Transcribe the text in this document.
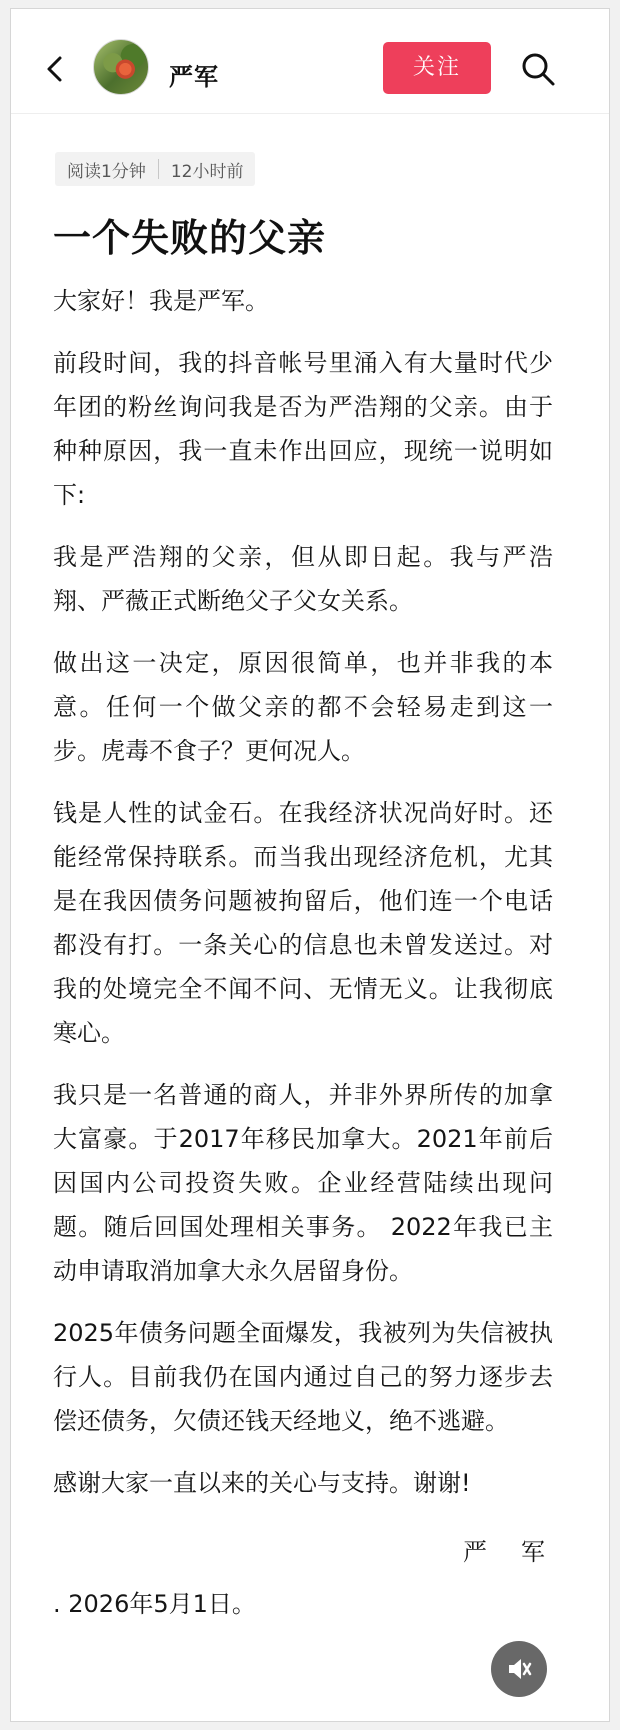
严军	关注
阅读1分钟 12小时前
一个失败的父亲

大家好！我是严军。

前段时间，我的抖音帐号里涌入有大量时代少年团的粉丝询问我是否为严浩翔的父亲。由于种种原因，我一直未作出回应，现统一说明如下:

我是严浩翔的父亲，但从即日起。我与严浩翔、严薇正式断绝父子父女关系。

做出这一决定，原因很简单，也并非我的本意。任何一个做父亲的都不会轻易走到这一步。虎毒不食子？更何况人。

钱是人性的试金石。在我经济状况尚好时。还能经常保持联系。而当我出现经济危机，尤其是在我因债务问题被拘留后，他们连一个电话都没有打。一条关心的信息也未曾发送过。对我的处境完全不闻不问、无情无义。让我彻底寒心。

我只是一名普通的商人，并非外界所传的加拿大富豪。于2017年移民加拿大。2021年前后因国内公司投资失败。企业经营陆续出现问题。随后回国处理相关事务。 2022年我已主动申请取消加拿大永久居留身份。

2025年债务问题全面爆发，我被列为失信被执行人。目前我仍在国内通过自己的努力逐步去偿还债务，欠债还钱天经地义，绝不逃避。

感谢大家一直以来的关心与支持。谢谢!

严军
. 2026年5月1日。
